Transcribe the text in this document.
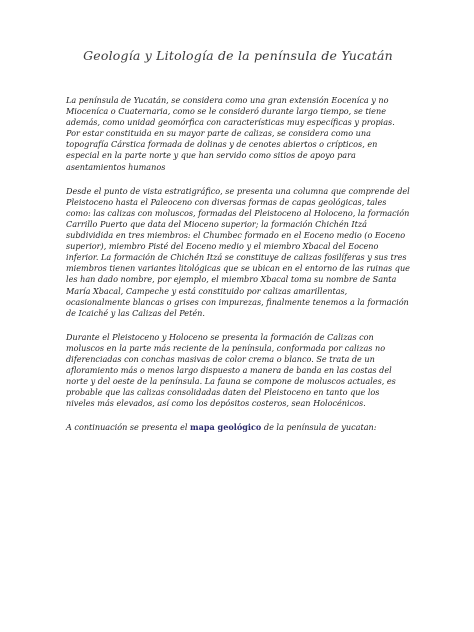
Geología y Litología de la península de Yucatán

La península de Yucatán, se considera como una gran extensión Eoceníca y no Mioceníca o Cuaternaria, como se le consideró durante largo tiempo, se tiene además, como unidad geomórfica con características muy específicas y propias. Por estar constituida en su mayor parte de calizas, se considera como una topografía Cárstica formada de dolinas y de cenotes abiertos o crípticos, en especial en la parte norte y que han servido como sitios de apoyo para asentamientos humanos

Desde el punto de vista estratigráfico, se presenta una columna que comprende del Pleistoceno hasta el Paleoceno con diversas formas de capas geológicas, tales como: las calizas con moluscos, formadas del Pleistoceno al Holoceno, la formación Carrillo Puerto que data del Mioceno superior; la formación Chichén Itzá subdividida en tres miembros: el Chumbec formado en el Eoceno medio (o Eoceno superior), miembro Pisté del Eoceno medio y el miembro Xbacal del Eoceno inferior. La formación de Chichén Itzá se constituye de calizas fosilíferas y sus tres miembros tienen variantes litológicas que se ubican en el entorno de las ruinas que les han dado nombre, por ejemplo, el miembro Xbacal toma su nombre de Santa María Xbacal, Campeche y está constituido por calizas amarillentas, ocasionalmente blancas o grises con impurezas, finalmente tenemos a la formación de Icaiché y las Calizas del Petén.

Durante el Pleistoceno y Holoceno se presenta la formación de Calizas con moluscos en la parte más reciente de la península, conformada por calizas no diferenciadas con conchas masivas de color crema o blanco. Se trata de un afloramiento más o menos largo dispuesto a manera de banda en las costas del norte y del oeste de la península. La fauna se compone de moluscos actuales, es probable que las calizas consolidadas daten del Pleistoceno en tanto que los niveles más elevados, así como los depósitos costeros, sean Holocénicos.

A continuación se presenta el mapa geológico de la península de yucatan:
